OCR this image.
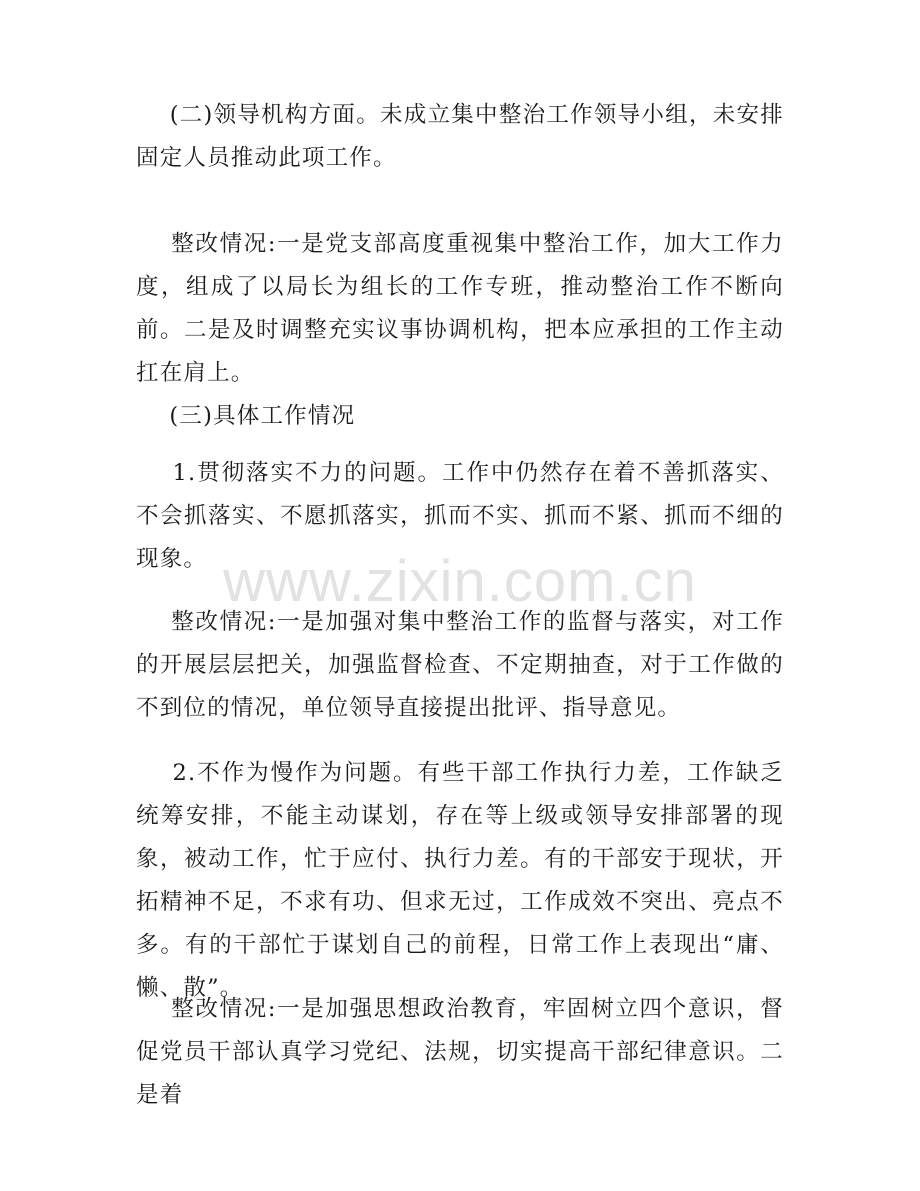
www.zixin.com.cn

(二)领导机构方面。未成立集中整治工作领导小组，未安排固定人员推动此项工作。

整改情况:一是党支部高度重视集中整治工作，加大工作力度，组成了以局长为组长的工作专班，推动整治工作不断向前。二是及时调整充实议事协调机构，把本应承担的工作主动扛在肩上。

(三)具体工作情况

1.贯彻落实不力的问题。工作中仍然存在着不善抓落实、不会抓落实、不愿抓落实，抓而不实、抓而不紧、抓而不细的现象。

整改情况:一是加强对集中整治工作的监督与落实，对工作的开展层层把关，加强监督检查、不定期抽查，对于工作做的不到位的情况，单位领导直接提出批评、指导意见。

2.不作为慢作为问题。有些干部工作执行力差，工作缺乏统筹安排，不能主动谋划，存在等上级或领导安排部署的现象，被动工作，忙于应付、执行力差。有的干部安于现状，开拓精神不足，不求有功、但求无过，工作成效不突出、亮点不多。有的干部忙于谋划自己的前程，日常工作上表现出“庸、懒、散”。

整改情况:一是加强思想政治教育，牢固树立四个意识，督促党员干部认真学习党纪、法规，切实提高干部纪律意识。二是着
